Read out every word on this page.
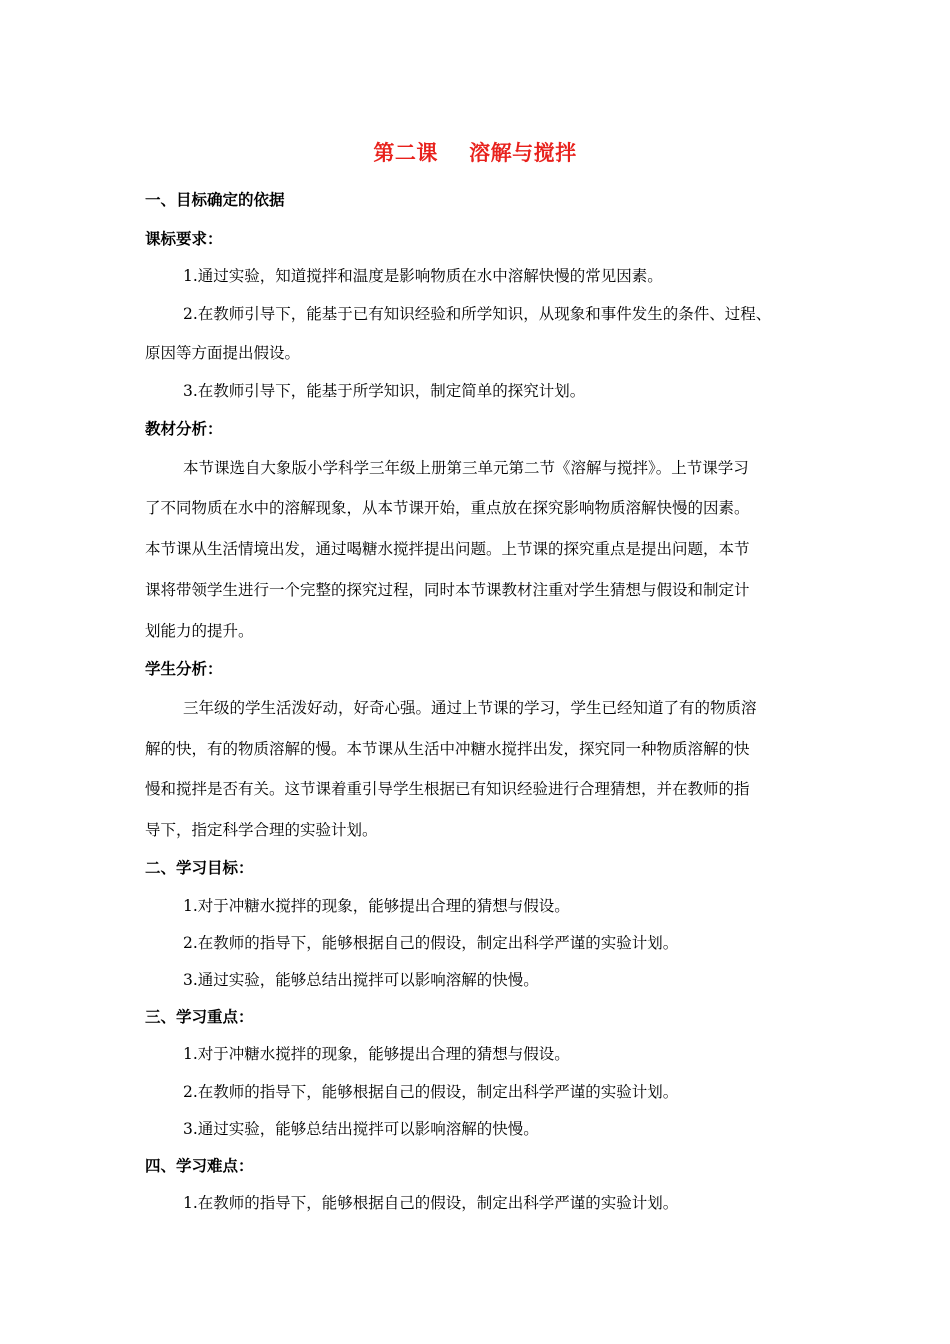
第二课    溶解与搅拌
一、目标确定的依据
课标要求：
1.通过实验，知道搅拌和温度是影响物质在水中溶解快慢的常见因素。
2.在教师引导下，能基于已有知识经验和所学知识，从现象和事件发生的条件、过程、
原因等方面提出假设。
3.在教师引导下，能基于所学知识，制定简单的探究计划。
教材分析：
本节课选自大象版小学科学三年级上册第三单元第二节《溶解与搅拌》。上节课学习
了不同物质在水中的溶解现象，从本节课开始，重点放在探究影响物质溶解快慢的因素。
本节课从生活情境出发，通过喝糖水搅拌提出问题。上节课的探究重点是提出问题，本节
课将带领学生进行一个完整的探究过程，同时本节课教材注重对学生猜想与假设和制定计
划能力的提升。
学生分析：
三年级的学生活泼好动，好奇心强。通过上节课的学习，学生已经知道了有的物质溶
解的快，有的物质溶解的慢。本节课从生活中冲糖水搅拌出发，探究同一种物质溶解的快
慢和搅拌是否有关。这节课着重引导学生根据已有知识经验进行合理猜想，并在教师的指
导下，指定科学合理的实验计划。
二、学习目标：
1.对于冲糖水搅拌的现象，能够提出合理的猜想与假设。
2.在教师的指导下，能够根据自己的假设，制定出科学严谨的实验计划。
3.通过实验，能够总结出搅拌可以影响溶解的快慢。
三、学习重点：
1.对于冲糖水搅拌的现象，能够提出合理的猜想与假设。
2.在教师的指导下，能够根据自己的假设，制定出科学严谨的实验计划。
3.通过实验，能够总结出搅拌可以影响溶解的快慢。
四、学习难点：
1.在教师的指导下，能够根据自己的假设，制定出科学严谨的实验计划。
